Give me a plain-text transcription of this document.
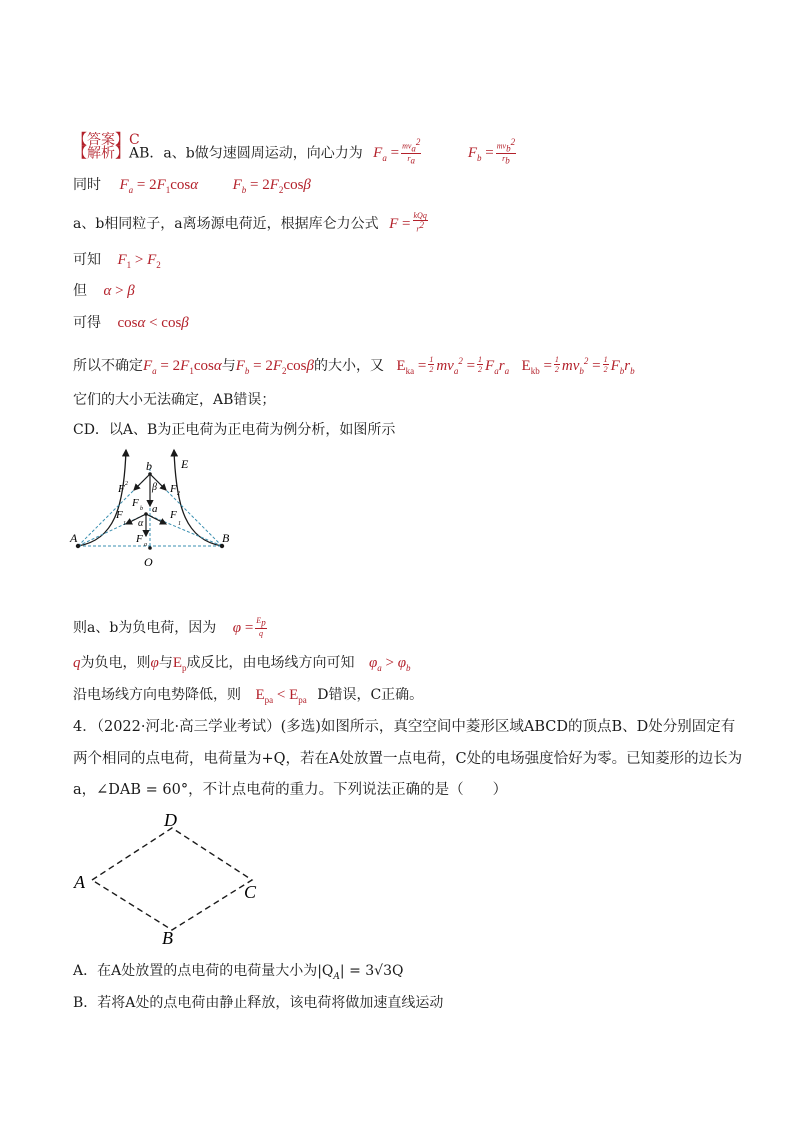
【答案】C
【解析】AB．a、b做匀速圆周运动，向心力为 $F_a = \frac{mv_a^2}{r_a}$	$F_b = \frac{mv_b^2}{r_b}$
同时 $F_a = 2F_1\cos\alpha$ $F_b = 2F_2\cos\beta$
a、b相同粒子，a离场源电荷近，根据库仑力公式 $F = \frac{\text{kQq}}{r^2}$
可知 $F_1 > F_2$
但 α > β
可得 cosα < cosβ
所以不确定$F_a = 2F_1\cos\alpha$与$F_b = 2F_2\cos\beta$的大小，又 $E_{ka} = \frac{1}{2} mv_a^2 = \frac{1}{2} F_ar_a$ $E_{kb} = \frac{1}{2} mv_b^2 = \frac{1}{2} F_br_b$
它们的大小无法确定，AB错误；
CD．以A、B为正电荷为正电荷为例分析，如图所示
b E
F 2	F 2
β
F b a
F
1
F
1
α
F a
A	B
O
则a、b为负电荷，因为 $\varphi = \frac{E_p}{q}$
q为负电，则φ与$E_p$成反比，由电场线方向可知 $\varphi_a > \varphi_b$
沿电场线方向电势降低，则 $E_{pa} < E_{pa}$ D错误，C正确。
4．（2022·河北·高三学业考试）(多选)如图所示，真空空间中菱形区域ABCD的顶点B、D处分别固定有
两个相同的点电荷，电荷量为+Q，若在A处放置一点电荷，C处的电场强度恰好为零。已知菱形的边长为
a，∠DAB = 60°，不计点电荷的重力。下列说法正确的是（　　）
D
A	C
B
A．在A处放置的点电荷的电荷量大小为$|Q_A| = 3√3Q$
B．若将A处的点电荷由静止释放，该电荷将做加速直线运动
